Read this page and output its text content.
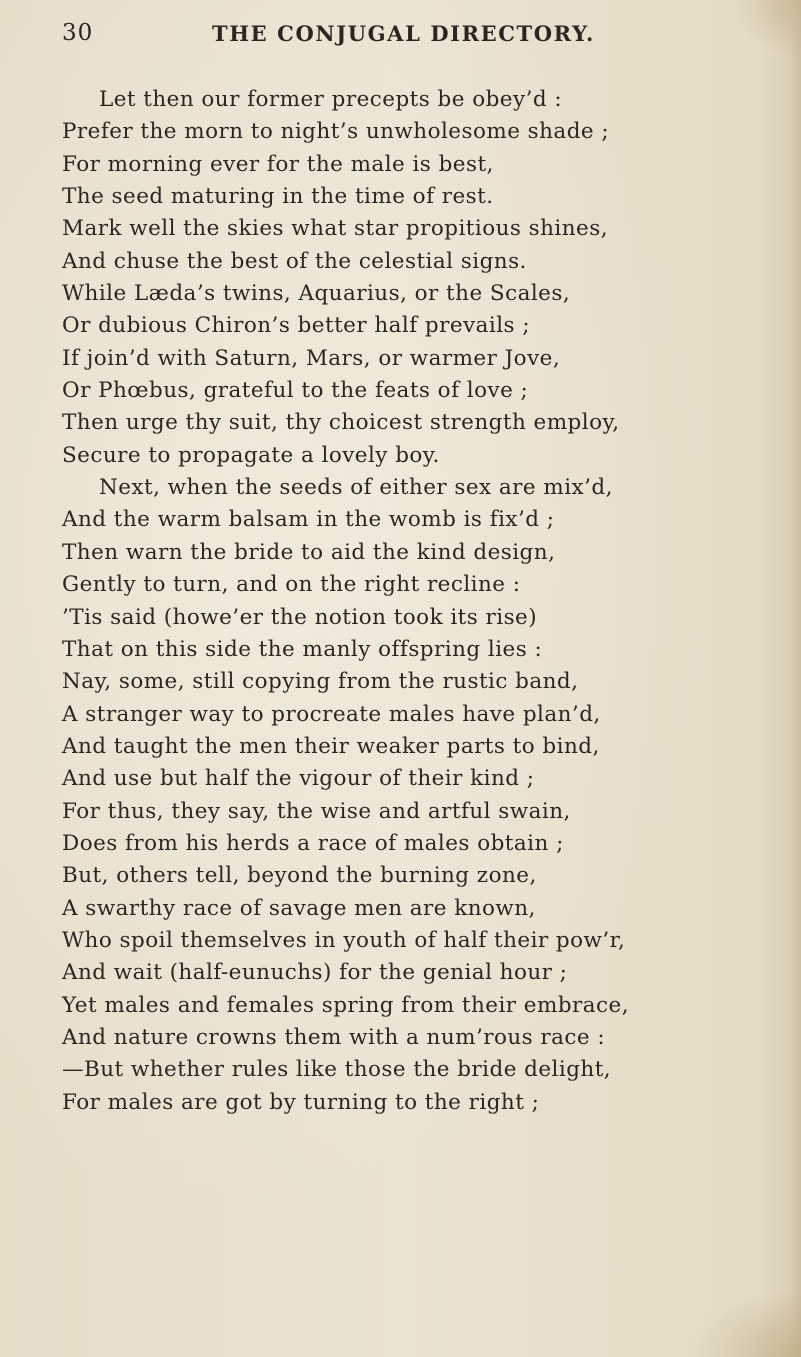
30	THE CONJUGAL DIRECTORY.
Let then our former precepts be obey’d :
Prefer the morn to night’s unwholesome shade ;
For morning ever for the male is best,
The seed maturing in the time of rest.
Mark well the skies what star propitious shines,
And chuse the best of the celestial signs.
While Læda’s twins, Aquarius, or the Scales,
Or dubious Chiron’s better half prevails ;
If join’d with Saturn, Mars, or warmer Jove,
Or Phœbus, grateful to the feats of love ;
Then urge thy suit, thy choicest strength employ,
Secure to propagate a lovely boy.
Next, when the seeds of either sex are mix’d,
And the warm balsam in the womb is fix’d ;
Then warn the bride to aid the kind design,
Gently to turn, and on the right recline :
’Tis said (howe’er the notion took its rise)
That on this side the manly offspring lies :
Nay, some, still copying from the rustic band,
A stranger way to procreate males have plan’d,
And taught the men their weaker parts to bind,
And use but half the vigour of their kind ;
For thus, they say, the wise and artful swain,
Does from his herds a race of males obtain ;
But, others tell, beyond the burning zone,
A swarthy race of savage men are known,
Who spoil themselves in youth of half their pow’r,
And wait (half-eunuchs) for the genial hour ;
Yet males and females spring from their embrace,
And nature crowns them with a num’rous race :
—But whether rules like those the bride delight,
For males are got by turning to the right ;
